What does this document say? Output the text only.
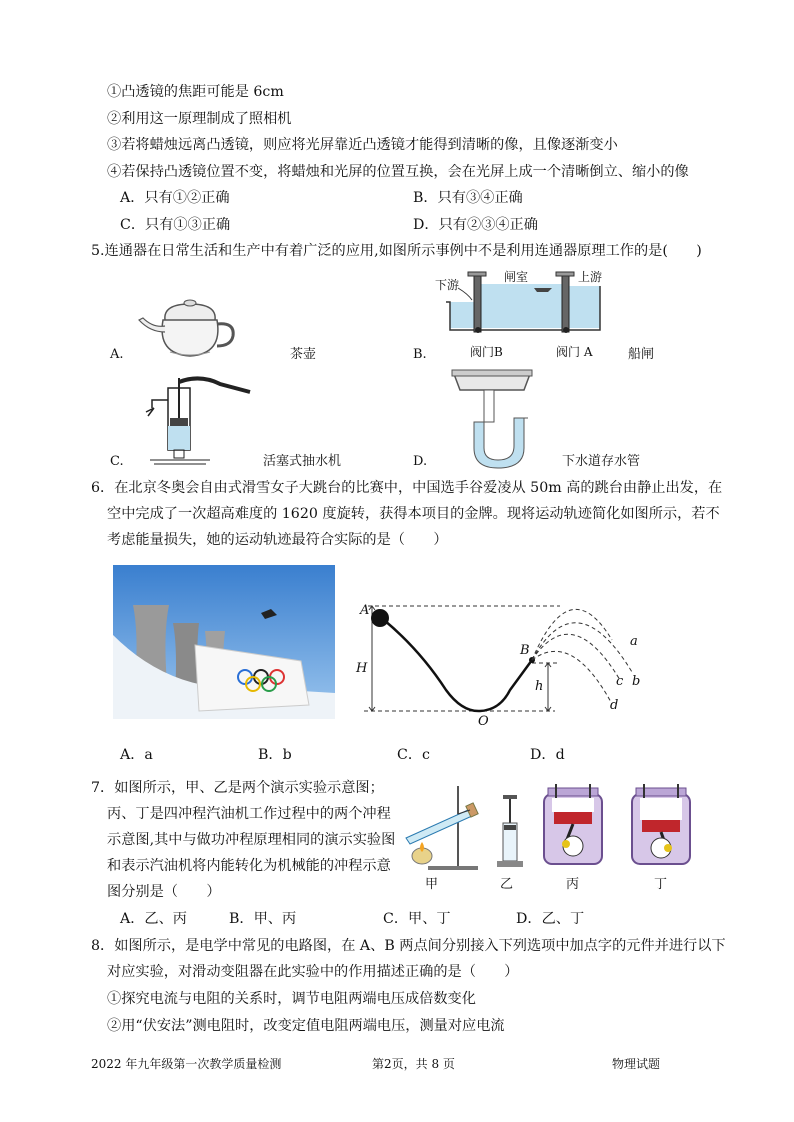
①凸透镜的焦距可能是 6cm
②利用这一原理制成了照相机
③若将蜡烛远离凸透镜，则应将光屏靠近凸透镜才能得到清晰的像，且像逐渐变小
④若保持凸透镜位置不变，将蜡烛和光屏的位置互换，会在光屏上成一个清晰倒立、缩小的像
A．只有①②正确	B．只有③④正确
C．只有①③正确	D．只有②③④正确
5.连通器在日常生活和生产中有着广泛的应用,如图所示事例中不是利用连通器原理工作的是(　　)
A.	茶壶
下游
闸室	上游
阀门B	阀门 A
B.	船闸
C.	活塞式抽水机	D.	下水道存水管
6．在北京冬奥会自由式滑雪女子大跳台的比赛中，中国选手谷爱凌从 50m 高的跳台由静止出发，在
空中完成了一次超高难度的 1620 度旋转，获得本项目的金牌。现将运动轨迹简化如图所示，若不
考虑能量损失，她的运动轨迹最符合实际的是（　　）
A
B
H
h
O
a
b
c
d
A．a	B．b	C．c	D．d
7．如图所示，甲、乙是两个演示实验示意图；
丙、丁是四冲程汽油机工作过程中的两个冲程
示意图,其中与做功冲程原理相同的演示实验图
和表示汽油机将内能转化为机械能的冲程示意
图分别是（　　）	甲	乙	丙	丁
A．乙、丙	B．甲、丙	C．甲、丁	D．乙、丁
8．如图所示，是电学中常见的电路图，在 A、B 两点间分别接入下列选项中加点字的元件并进行以下
对应实验，对滑动变阻器在此实验中的作用描述正确的是（　　）
①探究电流与电阻的关系时，调节电阻两端电压成倍数变化
②用“伏安法”测电阻时，改变定值电阻两端电压，测量对应电流
2022 年九年级第一次教学质量检测	第2页，共 8 页	物理试题
